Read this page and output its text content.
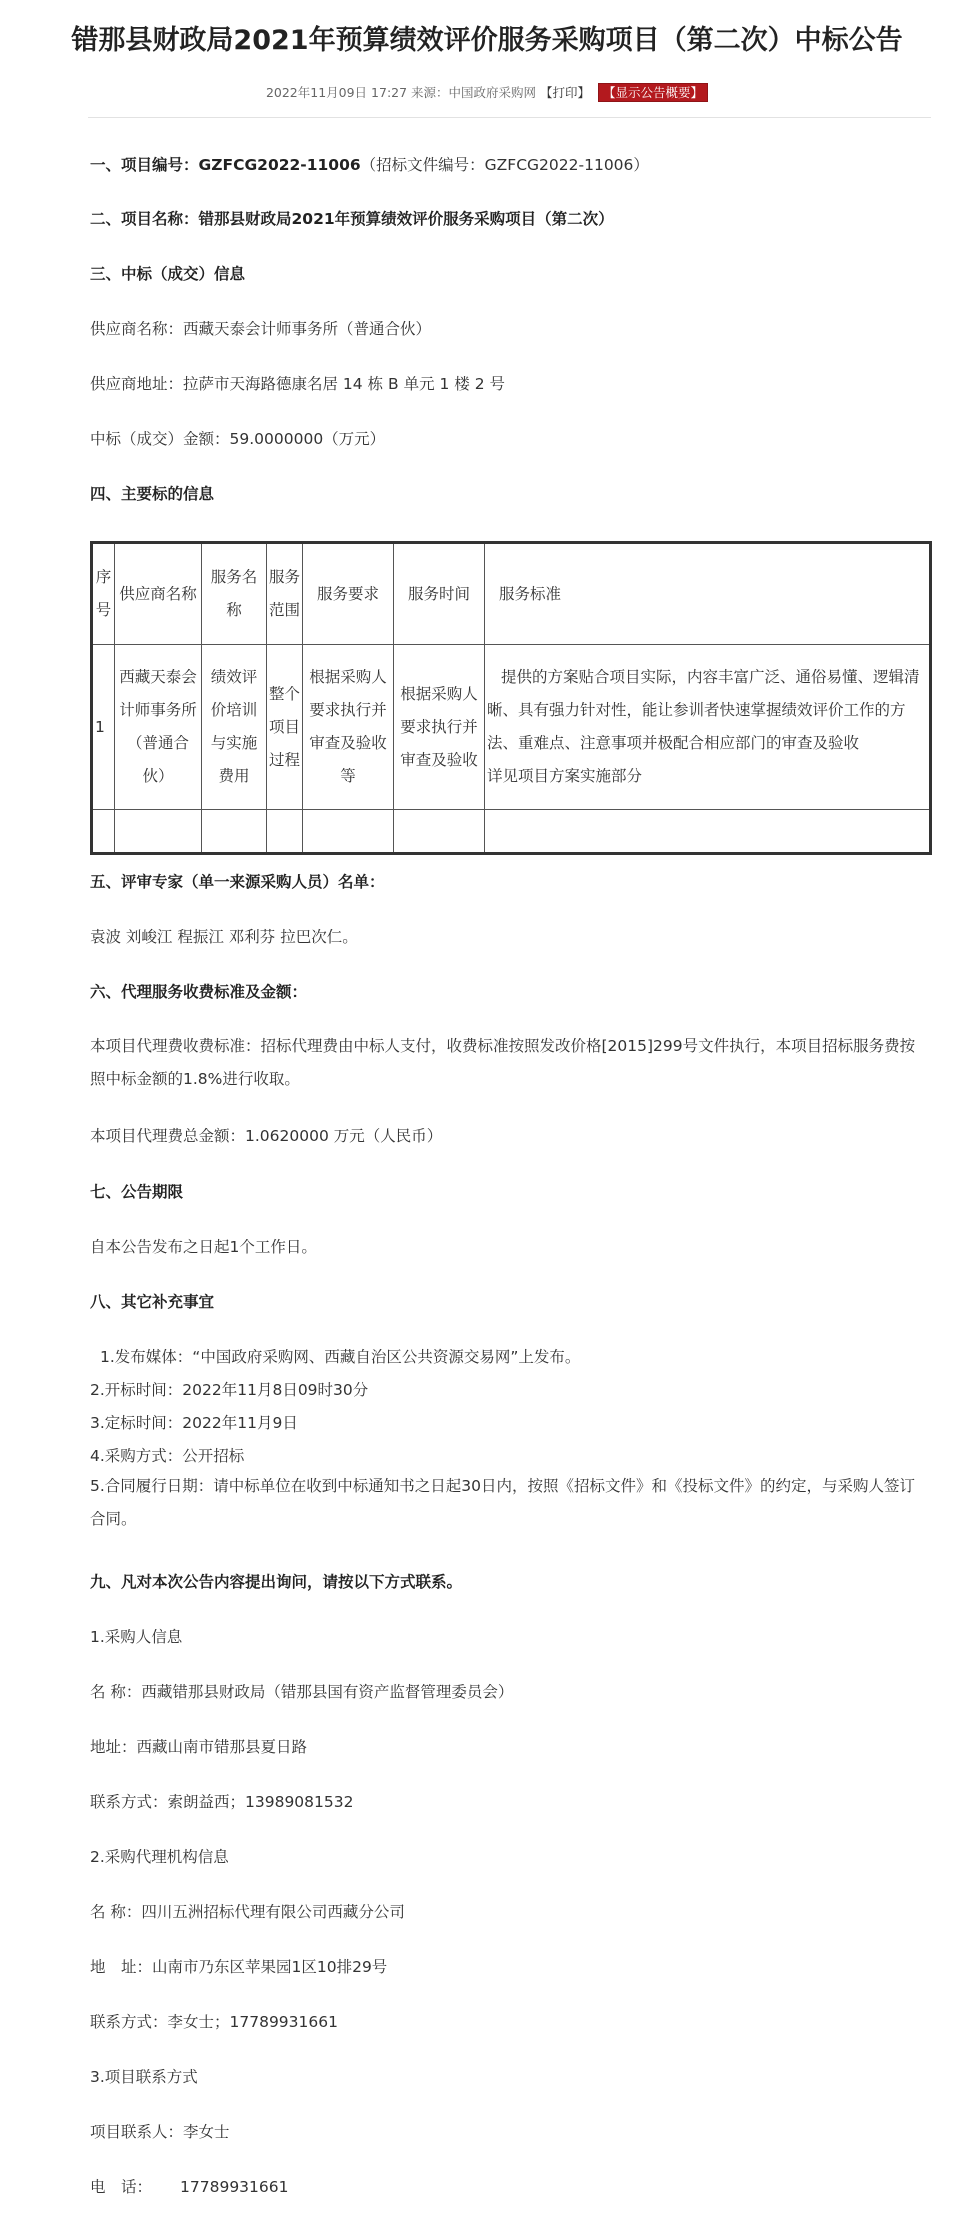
错那县财政局2021年预算绩效评价服务采购项目（第二次）中标公告
2022年11月09日 17:27 来源：中国政府采购网 【打印】 【显示公告概要】
一、项目编号：GZFCG2022-11006（招标文件编号：GZFCG2022-11006）
二、项目名称：错那县财政局2021年预算绩效评价服务采购项目（第二次）
三、中标（成交）信息
供应商名称：西藏天泰会计师事务所（普通合伙）
供应商地址：拉萨市天海路德康名居 14 栋 B 单元 1 楼 2 号
中标（成交）金额：59.0000000（万元）
四、主要标的信息
序号	供应商名称	服务名称	服务范围	服务要求	服务时间	服务标准
1	西藏天泰会计师事务所（普通合伙）	绩效评价培训与实施费用	整个项目过程	根据采购人要求执行并审查及验收等	根据采购人要求执行并审查及验收	提供的方案贴合项目实际，内容丰富广泛、通俗易懂、逻辑清晰、具有强力针对性，能让参训者快速掌握绩效评价工作的方法、重难点、注意事项并极配合相应部门的审查及验收
详见项目方案实施部分

五、评审专家（单一来源采购人员）名单：
袁波 刘峻江 程振江 邓利芬 拉巴次仁。
六、代理服务收费标准及金额：
本项目代理费收费标准：招标代理费由中标人支付，收费标准按照发改价格[2015]299号文件执行，本项目招标服务费按照中标金额的1.8%进行收取。
本项目代理费总金额：1.0620000 万元（人民币）
七、公告期限
自本公告发布之日起1个工作日。
八、其它补充事宜
1.发布媒体：“中国政府采购网、西藏自治区公共资源交易网”上发布。
2.开标时间：2022年11月8日09时30分
3.定标时间：2022年11月9日
4.采购方式：公开招标
5.合同履行日期：请中标单位在收到中标通知书之日起30日内，按照《招标文件》和《投标文件》的约定，与采购人签订合同。
九、凡对本次公告内容提出询问，请按以下方式联系。
1.采购人信息
名 称：西藏错那县财政局（错那县国有资产监督管理委员会）
地址：西藏山南市错那县夏日路
联系方式：索朗益西；13989081532
2.采购代理机构信息
名 称：四川五洲招标代理有限公司西藏分公司
地　址：山南市乃东区苹果园1区10排29号
联系方式：李女士；17789931661
3.项目联系方式
项目联系人：李女士
电　话： 17789931661
